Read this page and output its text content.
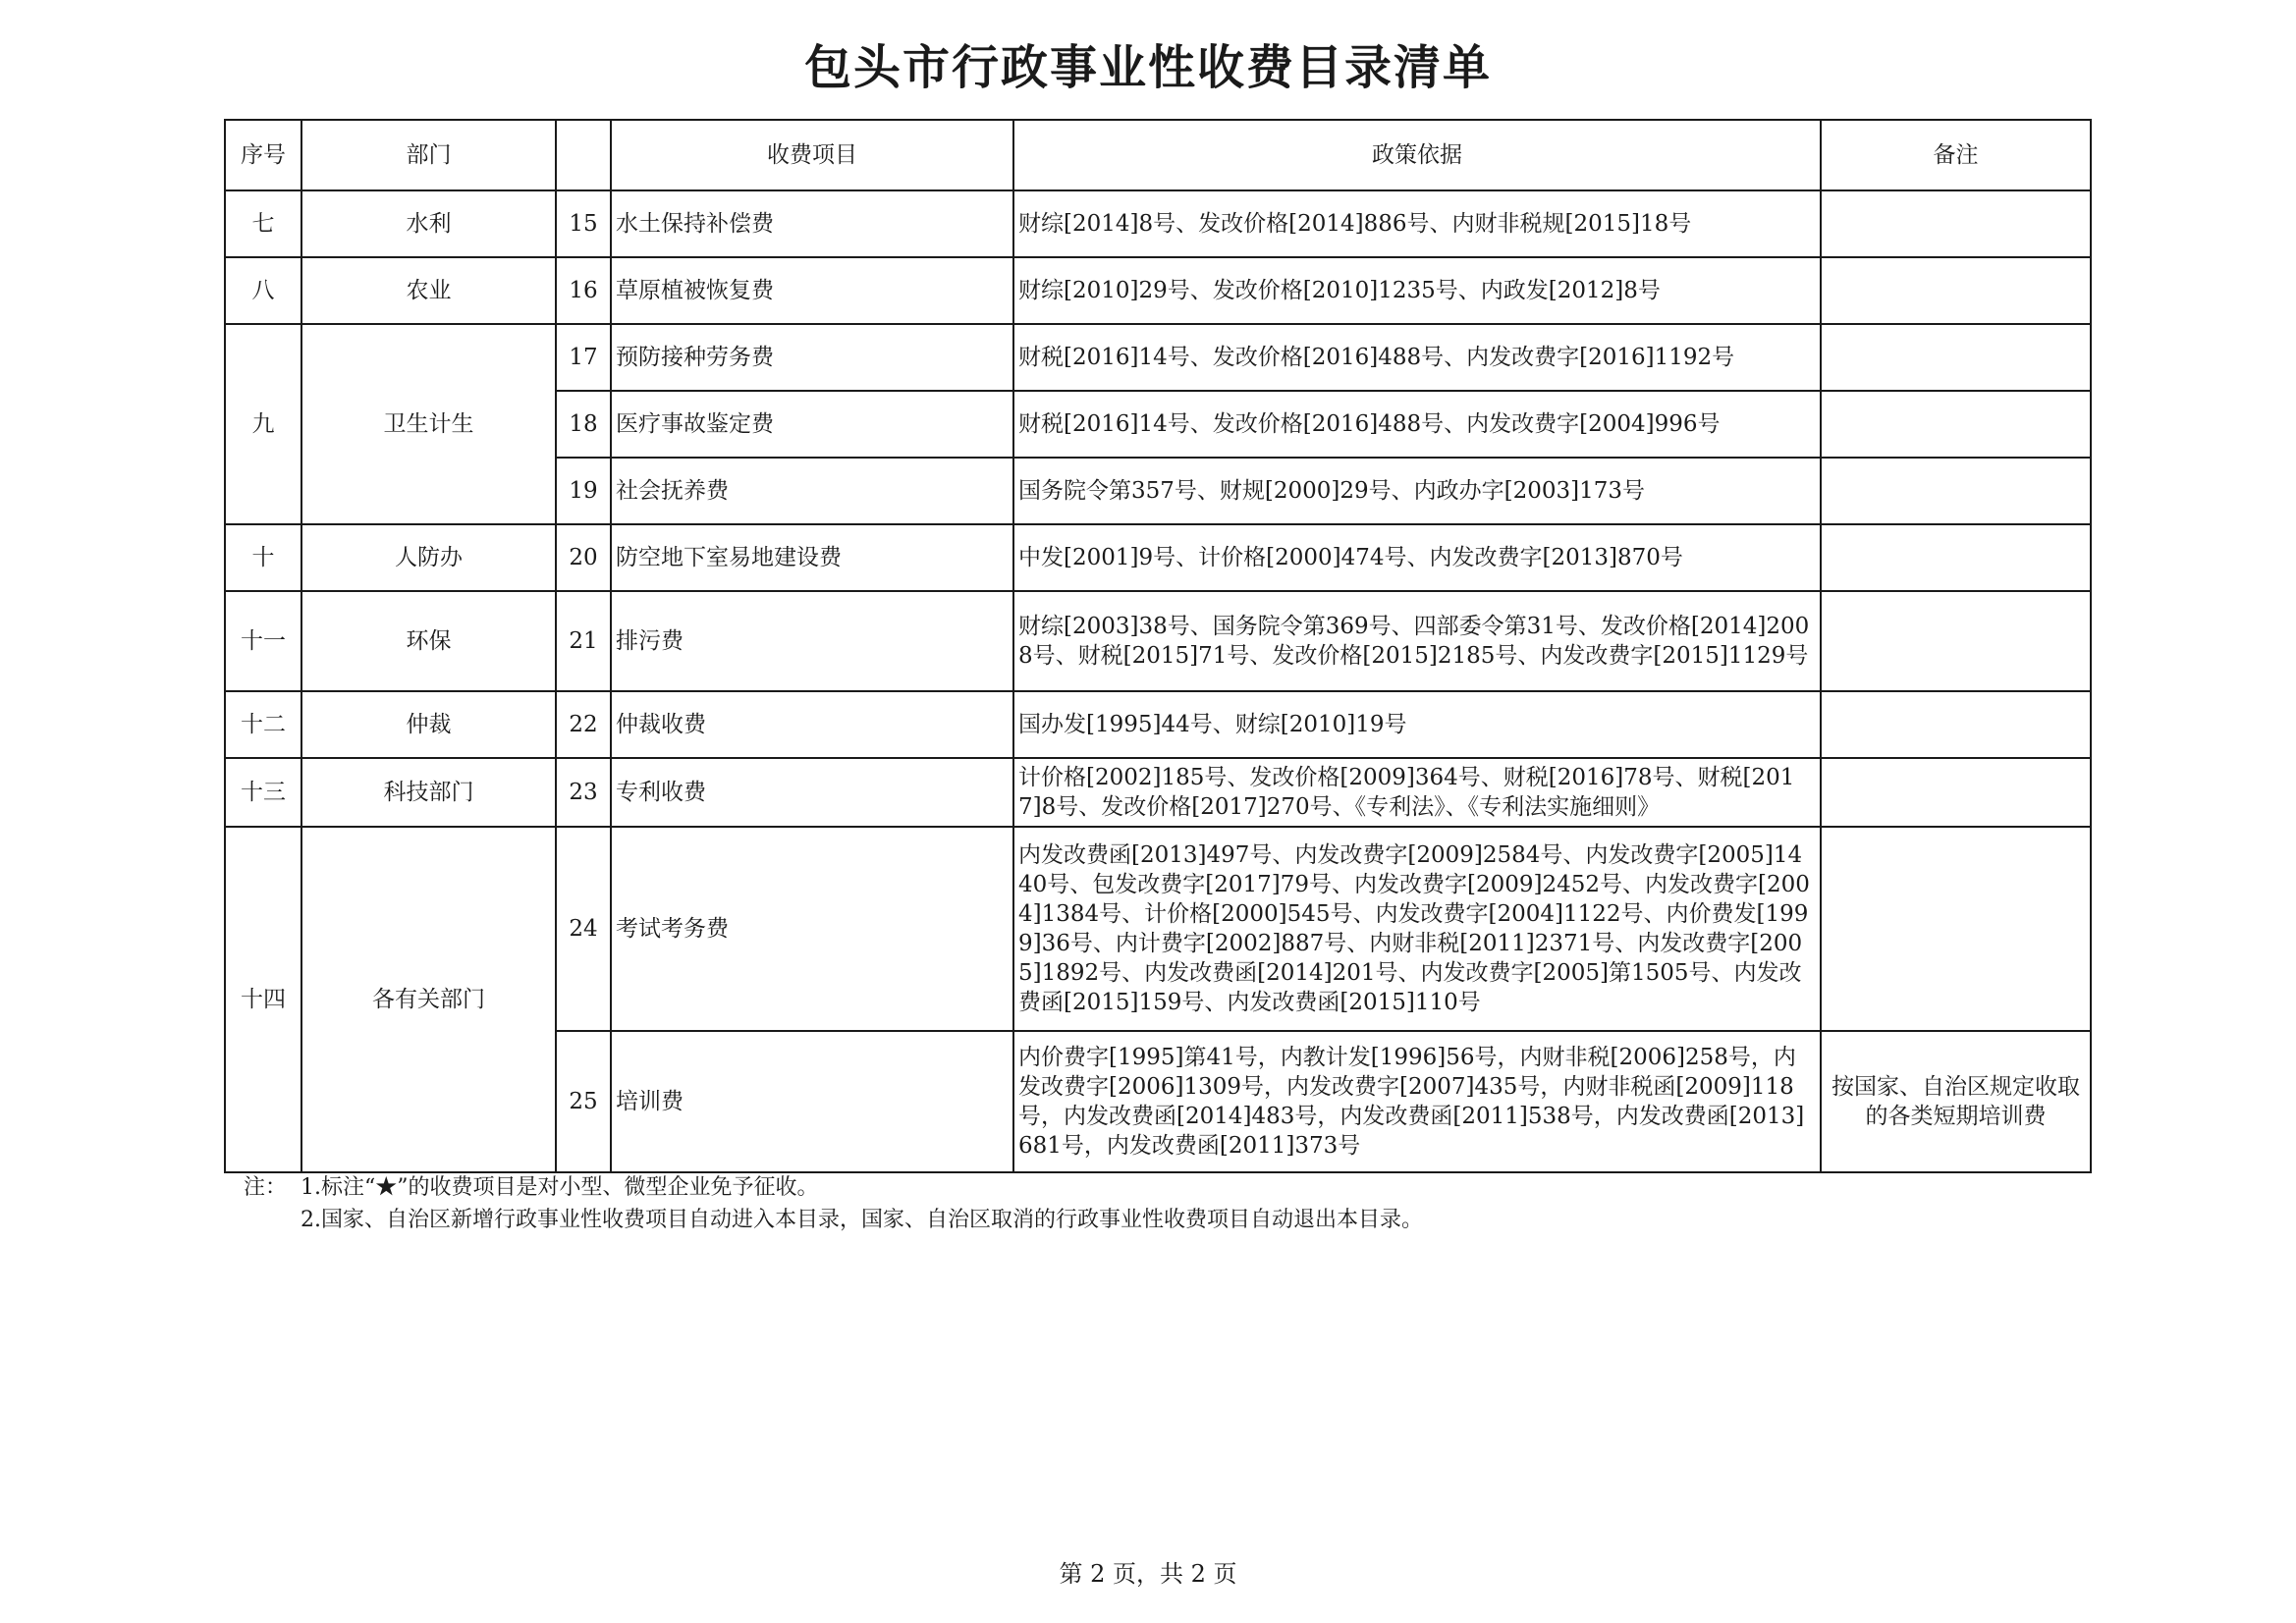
包头市行政事业性收费目录清单
序号	部门		收费项目	政策依据	备注
七	水利	15	水土保持补偿费	财综[2014]8号、发改价格[2014]886号、内财非税规[2015]18号	
八	农业	16	草原植被恢复费	财综[2010]29号、发改价格[2010]1235号、内政发[2012]8号	
九	卫生计生	17	预防接种劳务费	财税[2016]14号、发改价格[2016]488号、内发改费字[2016]1192号	
		18	医疗事故鉴定费	财税[2016]14号、发改价格[2016]488号、内发改费字[2004]996号	
		19	社会抚养费	国务院令第357号、财规[2000]29号、内政办字[2003]173号	
十	人防办	20	防空地下室易地建设费	中发[2001]9号、计价格[2000]474号、内发改费字[2013]870号	
十一	环保	21	排污费	财综[2003]38号、国务院令第369号、四部委令第31号、发改价格[2014]2008号、财税[2015]71号、发改价格[2015]2185号、内发改费字[2015]1129号	
十二	仲裁	22	仲裁收费	国办发[1995]44号、财综[2010]19号	
十三	科技部门	23	专利收费	计价格[2002]185号、发改价格[2009]364号、财税[2016]78号、财税[2017]8号、发改价格[2017]270号、《专利法》、《专利法实施细则》	
十四	各有关部门	24	考试考务费	内发改费函[2013]497号、内发改费字[2009]2584号、内发改费字[2005]1440号、包发改费字[2017]79号、内发改费字[2009]2452号、内发改费字[2004]1384号、计价格[2000]545号、内发改费字[2004]1122号、内价费发[1999]36号、内计费字[2002]887号、内财非税[2011]2371号、内发改费字[2005]1892号、内发改费函[2014]201号、内发改费字[2005]第1505号、内发改费函[2015]159号、内发改费函[2015]110号	
		25	培训费	内价费字[1995]第41号，内教计发[1996]56号，内财非税[2006]258号，内发改费字[2006]1309号，内发改费字[2007]435号，内财非税函[2009]118号，内发改费函[2014]483号，内发改费函[2011]538号，内发改费函[2013]681号，内发改费函[2011]373号	按国家、自治区规定收取的各类短期培训费
注： 1.标注“★”的收费项目是对小型、微型企业免予征收。
2.国家、自治区新增行政事业性收费项目自动进入本目录，国家、自治区取消的行政事业性收费项目自动退出本目录。
第 2 页，共 2 页
